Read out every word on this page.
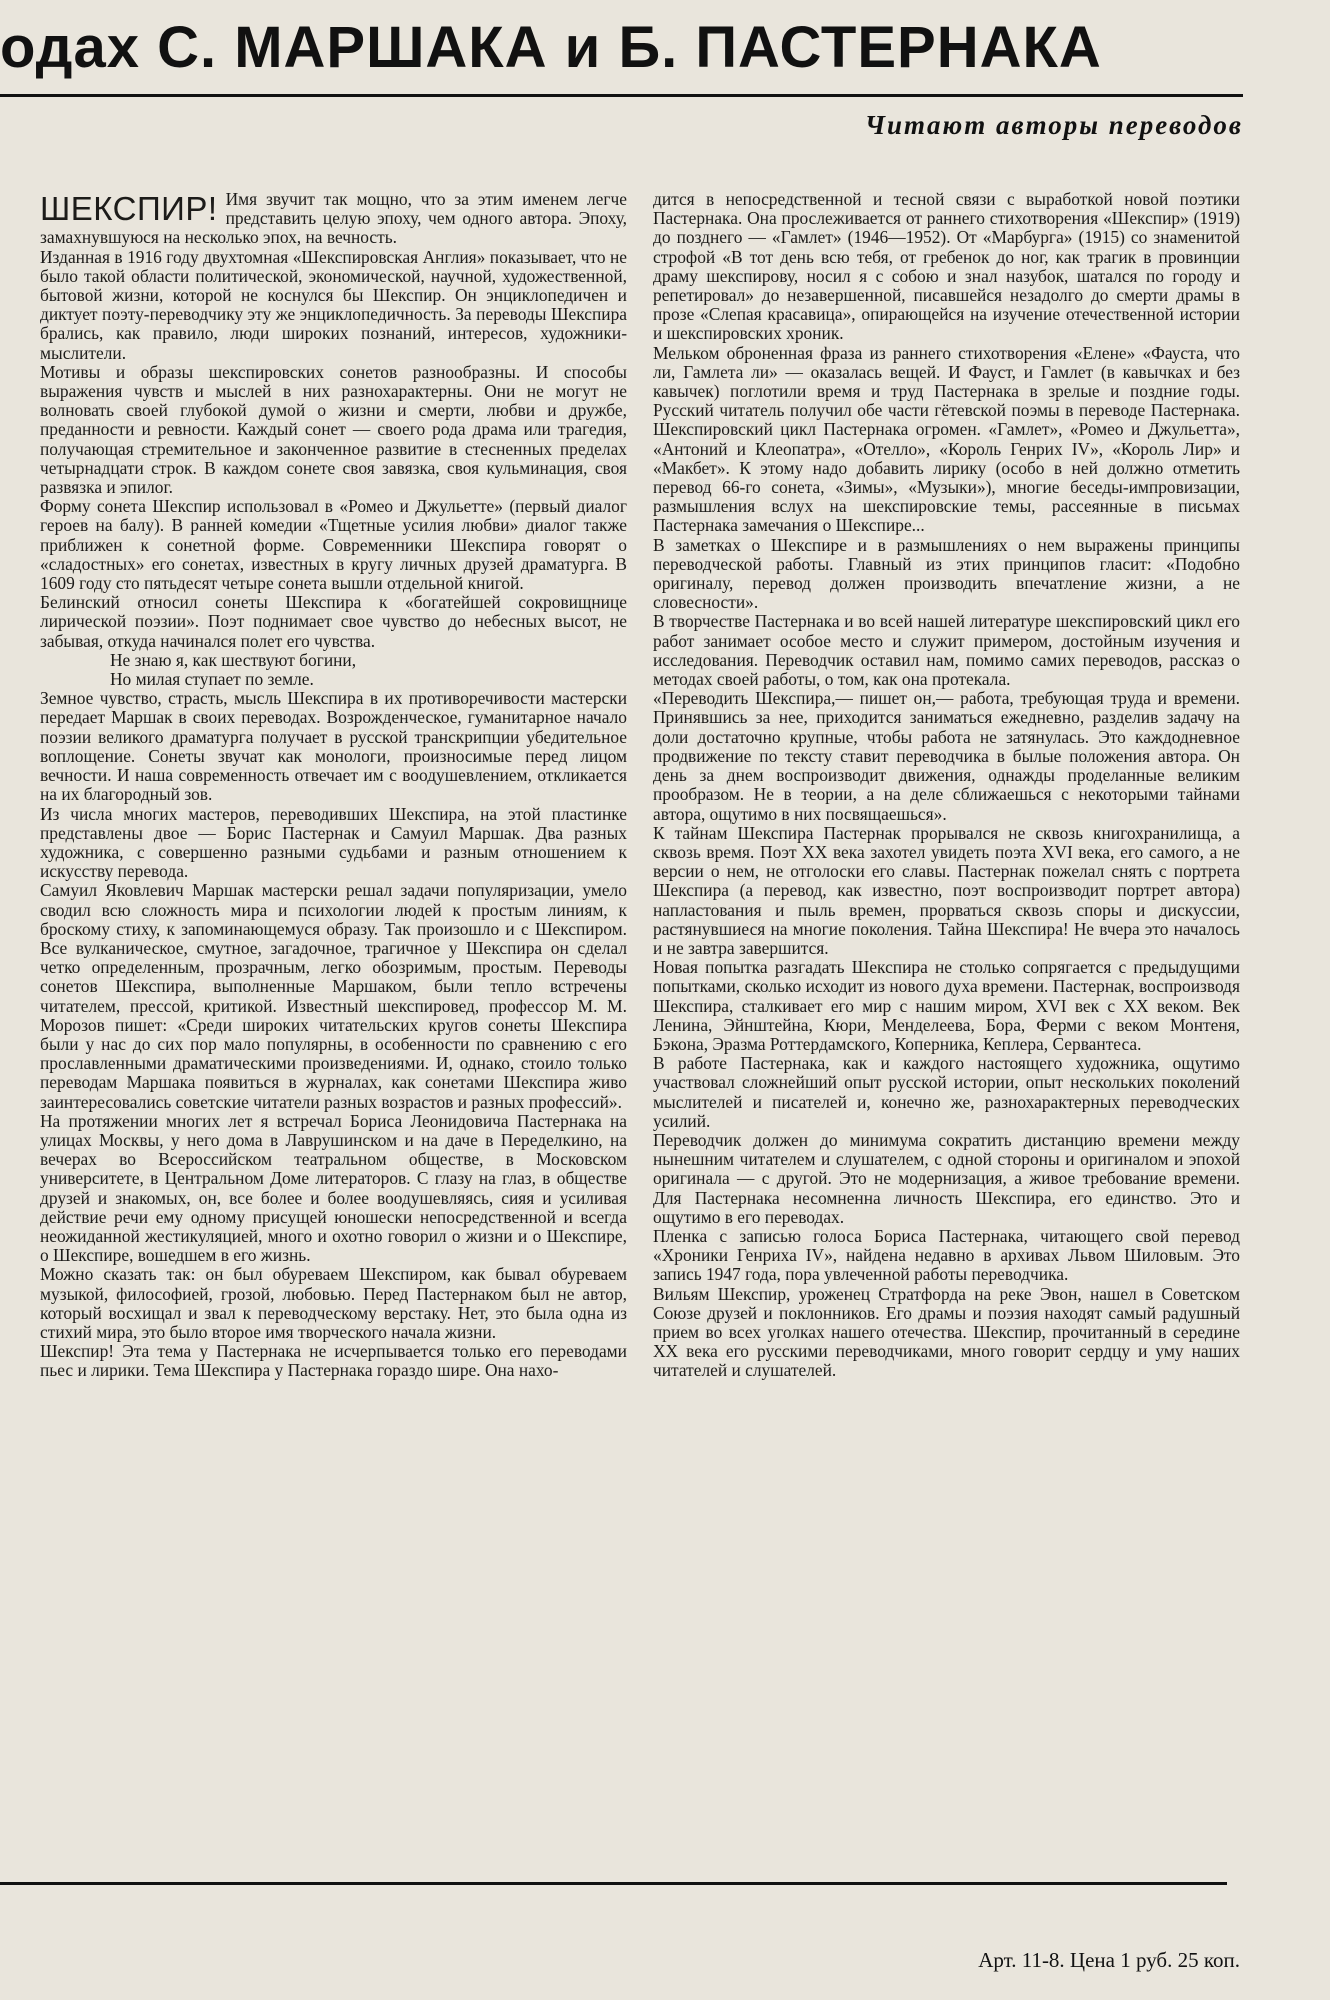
одах С. МАРШАКА и Б. ПАСТЕРНАКА
Читают авторы переводов

ШЕКСПИР! Имя звучит так мощно, что за этим именем легче представить целую эпоху, чем одного автора. Эпоху, замахнувшуюся на несколько эпох, на вечность.

Изданная в 1916 году двухтомная «Шекспировская Англия» показывает, что не было такой области политической, экономической, научной, художественной, бытовой жизни, которой не коснулся бы Шекспир. Он энциклопедичен и диктует поэту-переводчику эту же энциклопедичность. За переводы Шекспира брались, как правило, люди широких познаний, интересов, художники-мыслители.

Мотивы и образы шекспировских сонетов разнообразны. И способы выражения чувств и мыслей в них разнохарактерны. Они не могут не волновать своей глубокой думой о жизни и смерти, любви и дружбе, преданности и ревности. Каждый сонет — своего рода драма или трагедия, получающая стремительное и законченное развитие в стесненных пределах четырнадцати строк. В каждом сонете своя завязка, своя кульминация, своя развязка и эпилог.

Форму сонета Шекспир использовал в «Ромео и Джульетте» (первый диалог героев на балу). В ранней комедии «Тщетные усилия любви» диалог также приближен к сонетной форме. Современники Шекспира говорят о «сладостных» его сонетах, известных в кругу личных друзей драматурга. В 1609 году сто пятьдесят четыре сонета вышли отдельной книгой.

Белинский относил сонеты Шекспира к «богатейшей сокровищнице лирической поэзии». Поэт поднимает свое чувство до небесных высот, не забывая, откуда начинался полет его чувства.

Не знаю я, как шествуют богини,

Но милая ступает по земле.

Земное чувство, страсть, мысль Шекспира в их противоречивости мастерски передает Маршак в своих переводах. Возрожденческое, гуманитарное начало поэзии великого драматурга получает в русской транскрипции убедительное воплощение. Сонеты звучат как монологи, произносимые перед лицом вечности. И наша современность отвечает им с воодушевлением, откликается на их благородный зов.

Из числа многих мастеров, переводивших Шекспира, на этой пластинке представлены двое — Борис Пастернак и Самуил Маршак. Два разных художника, с совершенно разными судьбами и разным отношением к искусству перевода.

Самуил Яковлевич Маршак мастерски решал задачи популяризации, умело сводил всю сложность мира и психологии людей к простым линиям, к броскому стиху, к запоминающемуся образу. Так произошло и с Шекспиром. Все вулканическое, смутное, загадочное, трагичное у Шекспира он сделал четко определенным, прозрачным, легко обозримым, простым. Переводы сонетов Шекспира, выполненные Маршаком, были тепло встречены читателем, прессой, критикой. Известный шекспировед, профессор М. М. Морозов пишет: «Среди широких читательских кругов сонеты Шекспира были у нас до сих пор мало популярны, в особенности по сравнению с его прославленными драматическими произведениями. И, однако, стоило только переводам Маршака появиться в журналах, как сонетами Шекспира живо заинтересовались советские читатели разных возрастов и разных профессий».

На протяжении многих лет я встречал Бориса Леонидовича Пастернака на улицах Москвы, у него дома в Лаврушинском и на даче в Переделкино, на вечерах во Всероссийском театральном обществе, в Московском университете, в Центральном Доме литераторов. С глазу на глаз, в обществе друзей и знакомых, он, все более и более воодушевляясь, сияя и усиливая действие речи ему одному присущей юношески непосредственной и всегда неожиданной жестикуляцией, много и охотно говорил о жизни и о Шекспире, о Шекспире, вошедшем в его жизнь.

Можно сказать так: он был обуреваем Шекспиром, как бывал обуреваем музыкой, философией, грозой, любовью. Перед Пастернаком был не автор, который восхищал и звал к переводческому верстаку. Нет, это была одна из стихий мира, это было второе имя творческого начала жизни.

Шекспир! Эта тема у Пастернака не исчерпывается только его переводами пьес и лирики. Тема Шекспира у Пастернака гораздо шире. Она нахо-

дится в непосредственной и тесной связи с выработкой новой поэтики Пастернака. Она прослеживается от раннего стихотворения «Шекспир» (1919) до позднего — «Гамлет» (1946—1952). От «Марбурга» (1915) со знаменитой строфой «В тот день всю тебя, от гребенок до ног, как трагик в провинции драму шекспирову, носил я с собою и знал назубок, шатался по городу и репетировал» до незавершенной, писавшейся незадолго до смерти драмы в прозе «Слепая красавица», опирающейся на изучение отечественной истории и шекспировских хроник.

Мельком оброненная фраза из раннего стихотворения «Елене» «Фауста, что ли, Гамлета ли» — оказалась вещей. И Фауст, и Гамлет (в кавычках и без кавычек) поглотили время и труд Пастернака в зрелые и поздние годы. Русский читатель получил обе части гётевской поэмы в переводе Пастернака. Шекспировский цикл Пастернака огромен. «Гамлет», «Ромео и Джульетта», «Антоний и Клеопатра», «Отелло», «Король Генрих IV», «Король Лир» и «Макбет». К этому надо добавить лирику (особо в ней должно отметить перевод 66-го сонета, «Зимы», «Музыки»), многие беседы-импровизации, размышления вслух на шекспировские темы, рассеянные в письмах Пастернака замечания о Шекспире...

В заметках о Шекспире и в размышлениях о нем выражены принципы переводческой работы. Главный из этих принципов гласит: «Подобно оригиналу, перевод должен производить впечатление жизни, а не словесности».

В творчестве Пастернака и во всей нашей литературе шекспировский цикл его работ занимает особое место и служит примером, достойным изучения и исследования. Переводчик оставил нам, помимо самих переводов, рассказ о методах своей работы, о том, как она протекала.

«Переводить Шекспира,— пишет он,— работа, требующая труда и времени. Принявшись за нее, приходится заниматься ежедневно, разделив задачу на доли достаточно крупные, чтобы работа не затянулась. Это каждодневное продвижение по тексту ставит переводчика в былые положения автора. Он день за днем воспроизводит движения, однажды проделанные великим прообразом. Не в теории, а на деле сближаешься с некоторыми тайнами автора, ощутимо в них посвящаешься».

К тайнам Шекспира Пастернак прорывался не сквозь книгохранилища, а сквозь время. Поэт XX века захотел увидеть поэта XVI века, его самого, а не версии о нем, не отголоски его славы. Пастернак пожелал снять с портрета Шекспира (а перевод, как известно, поэт воспроизводит портрет автора) напластования и пыль времен, прорваться сквозь споры и дискуссии, растянувшиеся на многие поколения. Тайна Шекспира! Не вчера это началось и не завтра завершится.

Новая попытка разгадать Шекспира не столько сопрягается с предыдущими попытками, сколько исходит из нового духа времени. Пастернак, воспроизводя Шекспира, сталкивает его мир с нашим миром, XVI век с XX веком. Век Ленина, Эйнштейна, Кюри, Менделеева, Бора, Ферми с веком Монтеня, Бэкона, Эразма Роттердамского, Коперника, Кеплера, Сервантеса.

В работе Пастернака, как и каждого настоящего художника, ощутимо участвовал сложнейший опыт русской истории, опыт нескольких поколений мыслителей и писателей и, конечно же, разнохарактерных переводческих усилий.

Переводчик должен до минимума сократить дистанцию времени между нынешним читателем и слушателем, с одной стороны и оригиналом и эпохой оригинала — с другой. Это не модернизация, а живое требование времени. Для Пастернака несомненна личность Шекспира, его единство. Это и ощутимо в его переводах.

Пленка с записью голоса Бориса Пастернака, читающего свой перевод «Хроники Генриха IV», найдена недавно в архивах Львом Шиловым. Это запись 1947 года, пора увлеченной работы переводчика.

Вильям Шекспир, уроженец Стратфорда на реке Эвон, нашел в Советском Союзе друзей и поклонников. Его драмы и поэзия находят самый радушный прием во всех уголках нашего отечества. Шекспир, прочитанный в середине XX века его русскими переводчиками, много говорит сердцу и уму наших читателей и слушателей.

Арт. 11-8. Цена 1 руб. 25 коп.
